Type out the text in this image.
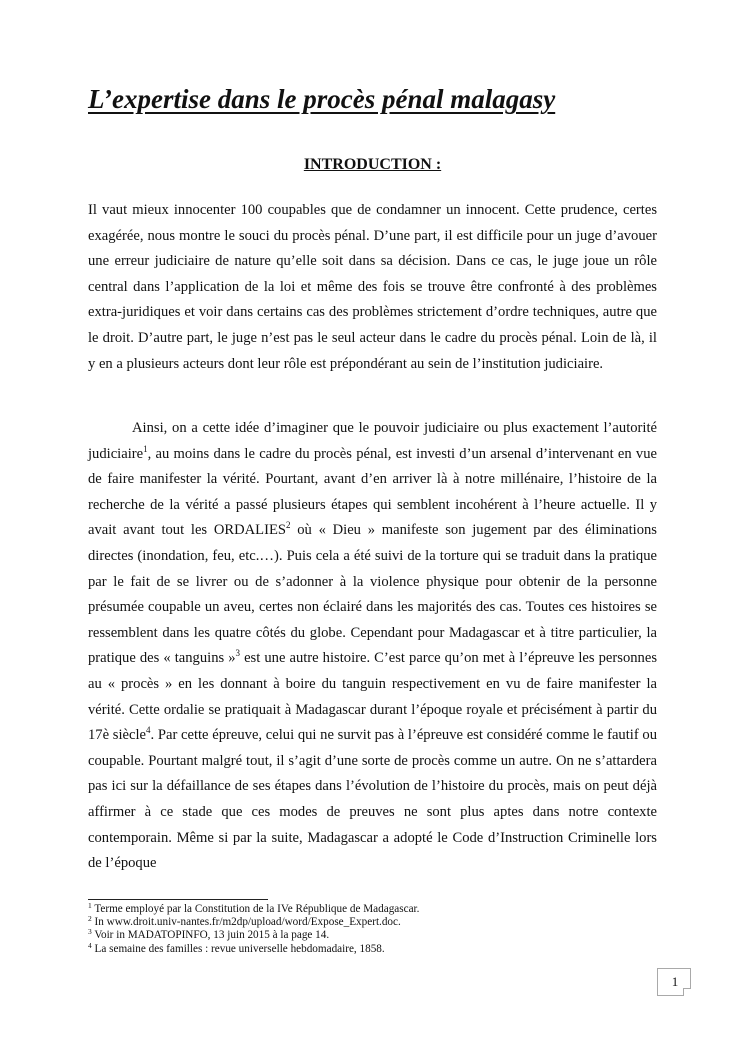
L’expertise dans le procès pénal malagasy
INTRODUCTION :

Il vaut mieux innocenter 100 coupables que de condamner un innocent. Cette prudence, certes exagérée, nous montre le souci du procès pénal. D’une part, il est difficile pour un juge d’avouer une erreur judiciaire de nature qu’elle soit dans sa décision. Dans ce cas, le juge joue un rôle central dans l’application de la loi et même des fois se trouve être confronté à des problèmes extra-juridiques et voir dans certains cas des problèmes strictement d’ordre techniques, autre que le droit. D’autre part, le juge n’est pas le seul acteur dans le cadre du procès pénal. Loin de là, il y en a plusieurs acteurs dont leur rôle est prépondérant au sein de l’institution judiciaire.

Ainsi, on a cette idée d’imaginer que le pouvoir judiciaire ou plus exactement l’autorité judiciaire$^1$, au moins dans le cadre du procès pénal, est investi d’un arsenal d’intervenant en vue de faire manifester la vérité. Pourtant, avant d’en arriver là à notre millénaire, l’histoire de la recherche de la vérité a passé plusieurs étapes qui semblent incohérent à l’heure actuelle. Il y avait avant tout les ORDALIES$^2$ où « Dieu » manifeste son jugement par des éliminations directes (inondation, feu, etc.…). Puis cela a été suivi de la torture qui se traduit dans la pratique par le fait de se livrer ou de s’adonner à la violence physique pour obtenir de la personne présumée coupable un aveu, certes non éclairé dans les majorités des cas. Toutes ces histoires se ressemblent dans les quatre côtés du globe. Cependant pour Madagascar et à titre particulier, la pratique des « tanguins »$^3$ est une autre histoire. C’est parce qu’on met à l’épreuve les personnes au « procès » en les donnant à boire du tanguin respectivement en vu de faire manifester la vérité. Cette ordalie se pratiquait à Madagascar durant l’époque royale et précisément à partir du 17è siècle$^4$. Par cette épreuve, celui qui ne survit pas à l’épreuve est considéré comme le fautif ou coupable. Pourtant malgré tout, il s’agit d’une sorte de procès comme un autre. On ne s’attardera pas ici sur la défaillance de ses étapes dans l’évolution de l’histoire du procès, mais on peut déjà affirmer à ce stade que ces modes de preuves ne sont plus aptes dans notre contexte contemporain. Même si par la suite, Madagascar a adopté le Code d’Instruction Criminelle lors de l’époque

$^1$ Terme employé par la Constitution de la IVe République de Madagascar.
$^2$ In www.droit.univ-nantes.fr/m2dp/upload/word/Expose_Expert.doc.
$^3$ Voir in MADATOPINFO, 13 juin 2015 à la page 14.
$^4$ La semaine des familles : revue universelle hebdomadaire, 1858.
1
